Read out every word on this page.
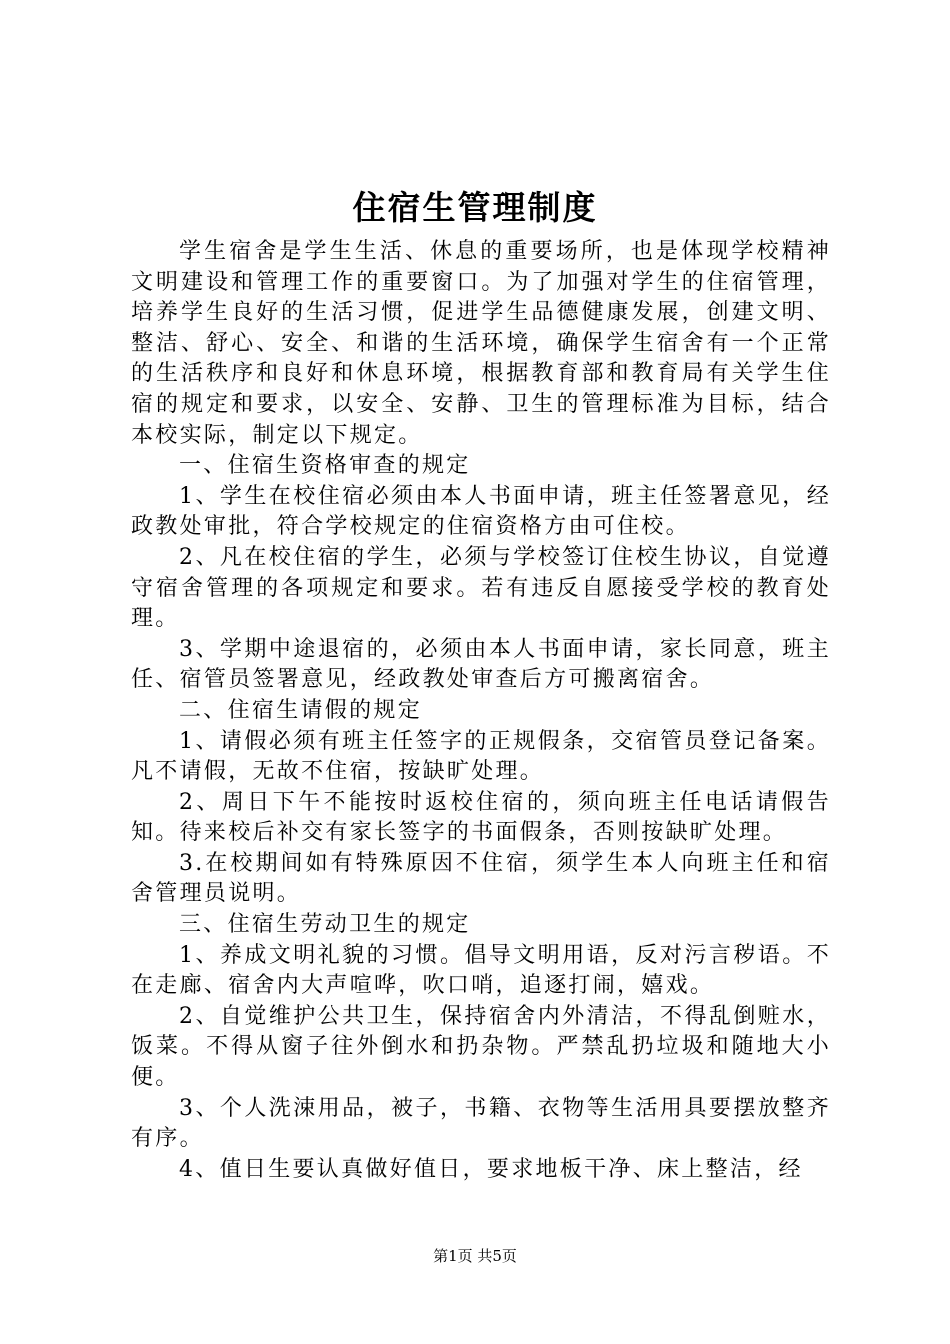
住宿生管理制度

学生宿舍是学生生活、休息的重要场所，也是体现学校精神文明建设和管理工作的重要窗口。为了加强对学生的住宿管理，培养学生良好的生活习惯，促进学生品德健康发展，创建文明、整洁、舒心、安全、和谐的生活环境，确保学生宿舍有一个正常的生活秩序和良好和休息环境，根据教育部和教育局有关学生住宿的规定和要求，以安全、安静、卫生的管理标准为目标，结合本校实际，制定以下规定。

一、住宿生资格审查的规定

1、学生在校住宿必须由本人书面申请，班主任签署意见，经政教处审批，符合学校规定的住宿资格方由可住校。

2、凡在校住宿的学生，必须与学校签订住校生协议，自觉遵守宿舍管理的各项规定和要求。若有违反自愿接受学校的教育处理。

3、学期中途退宿的，必须由本人书面申请，家长同意，班主任、宿管员签署意见，经政教处审查后方可搬离宿舍。

二、住宿生请假的规定

1、请假必须有班主任签字的正规假条，交宿管员登记备案。凡不请假，无故不住宿，按缺旷处理。

2、周日下午不能按时返校住宿的，须向班主任电话请假告知。待来校后补交有家长签字的书面假条，否则按缺旷处理。

3.在校期间如有特殊原因不住宿，须学生本人向班主任和宿舍管理员说明。

三、住宿生劳动卫生的规定

1、养成文明礼貌的习惯。倡导文明用语，反对污言秽语。不在走廊、宿舍内大声喧哗，吹口哨，追逐打闹，嬉戏。

2、自觉维护公共卫生，保持宿舍内外清洁，不得乱倒赃水，饭菜。不得从窗子往外倒水和扔杂物。严禁乱扔垃圾和随地大小便。

3、个人洗涑用品，被子，书籍、衣物等生活用具要摆放整齐有序。

4、值日生要认真做好值日，要求地板干净、床上整洁，经

第1页 共5页
